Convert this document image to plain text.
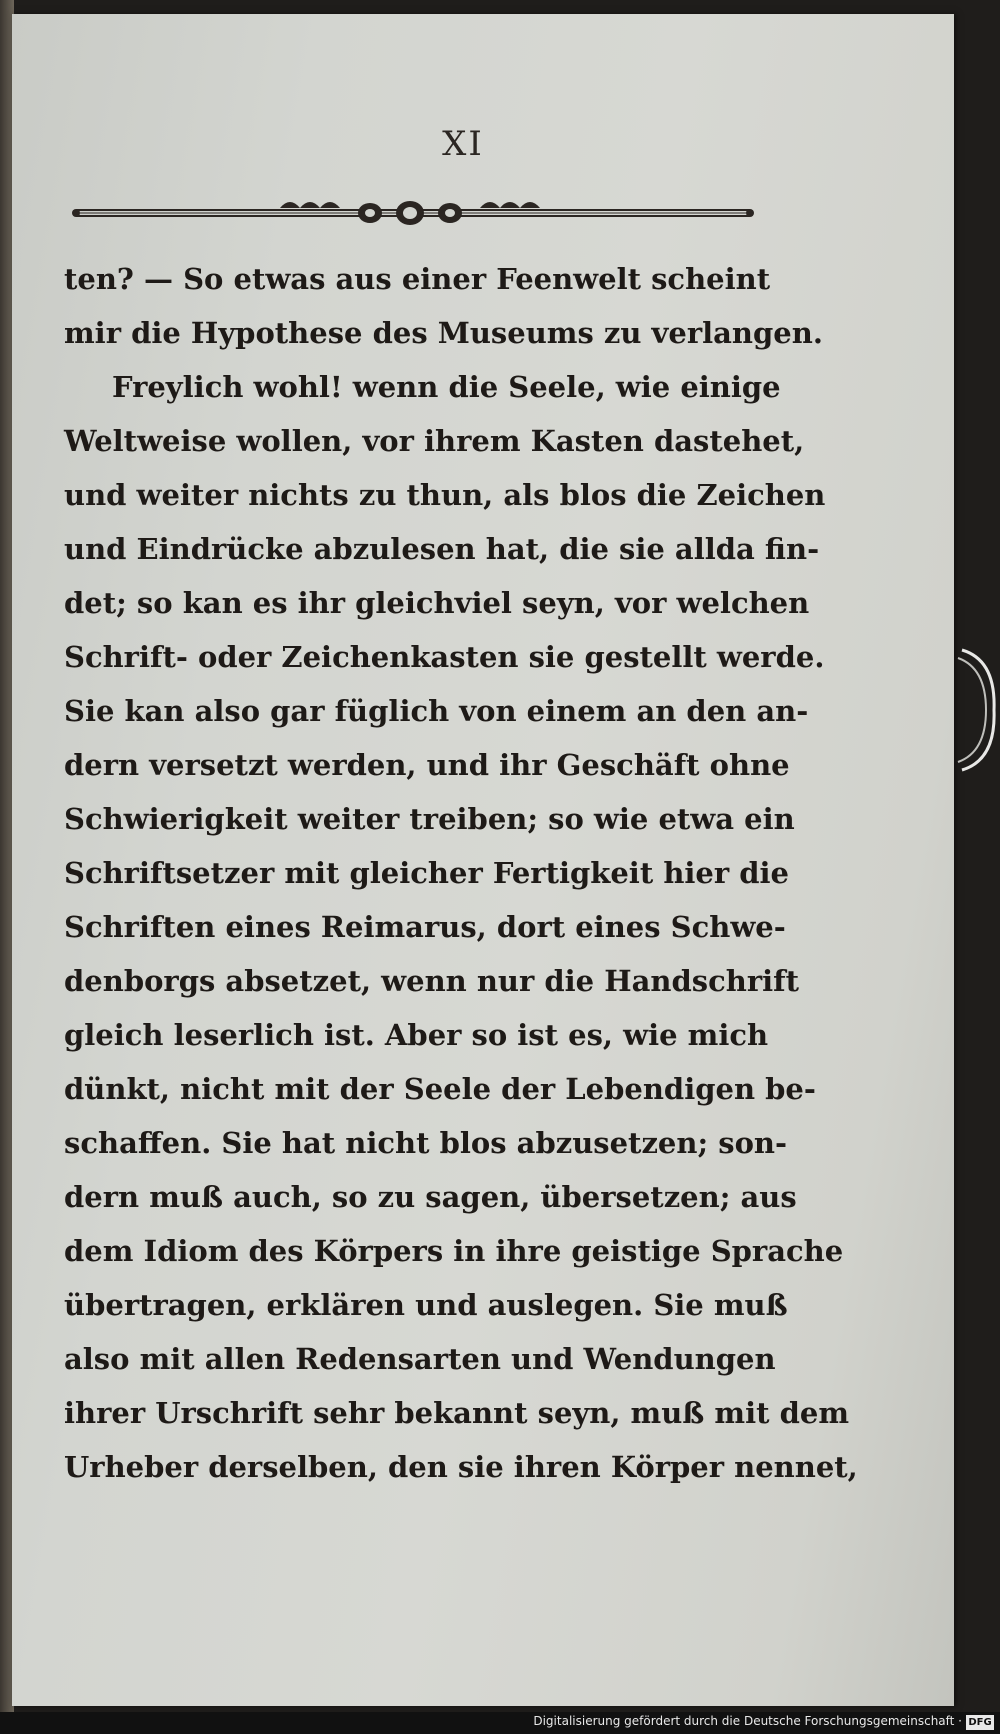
XI
ten? — So etwas aus einer Feenwelt scheint
mir die Hypothese des Museums zu verlangen.
Freylich wohl! wenn die Seele, wie einige
Weltweise wollen, vor ihrem Kasten dastehet,
und weiter nichts zu thun, als blos die Zeichen
und Eindrücke abzulesen hat, die sie allda fin-
det; so kan es ihr gleichviel seyn, vor welchen
Schrift- oder Zeichenkasten sie gestellt werde.
Sie kan also gar füglich von einem an den an-
dern versetzt werden, und ihr Geschäft ohne
Schwierigkeit weiter treiben; so wie etwa ein
Schriftsetzer mit gleicher Fertigkeit hier die
Schriften eines Reimarus, dort eines Schwe-
denborgs absetzet, wenn nur die Handschrift
gleich leserlich ist. Aber so ist es, wie mich
dünkt, nicht mit der Seele der Lebendigen be-
schaffen. Sie hat nicht blos abzusetzen; son-
dern muß auch, so zu sagen, übersetzen; aus
dem Idiom des Körpers in ihre geistige Sprache
übertragen, erklären und auslegen. Sie muß
also mit allen Redensarten und Wendungen
ihrer Urschrift sehr bekannt seyn, muß mit dem
Urheber derselben, den sie ihren Körper nennet,
Digitalisierung gefördert durch die Deutsche Forschungsgemeinschaft · DFG
